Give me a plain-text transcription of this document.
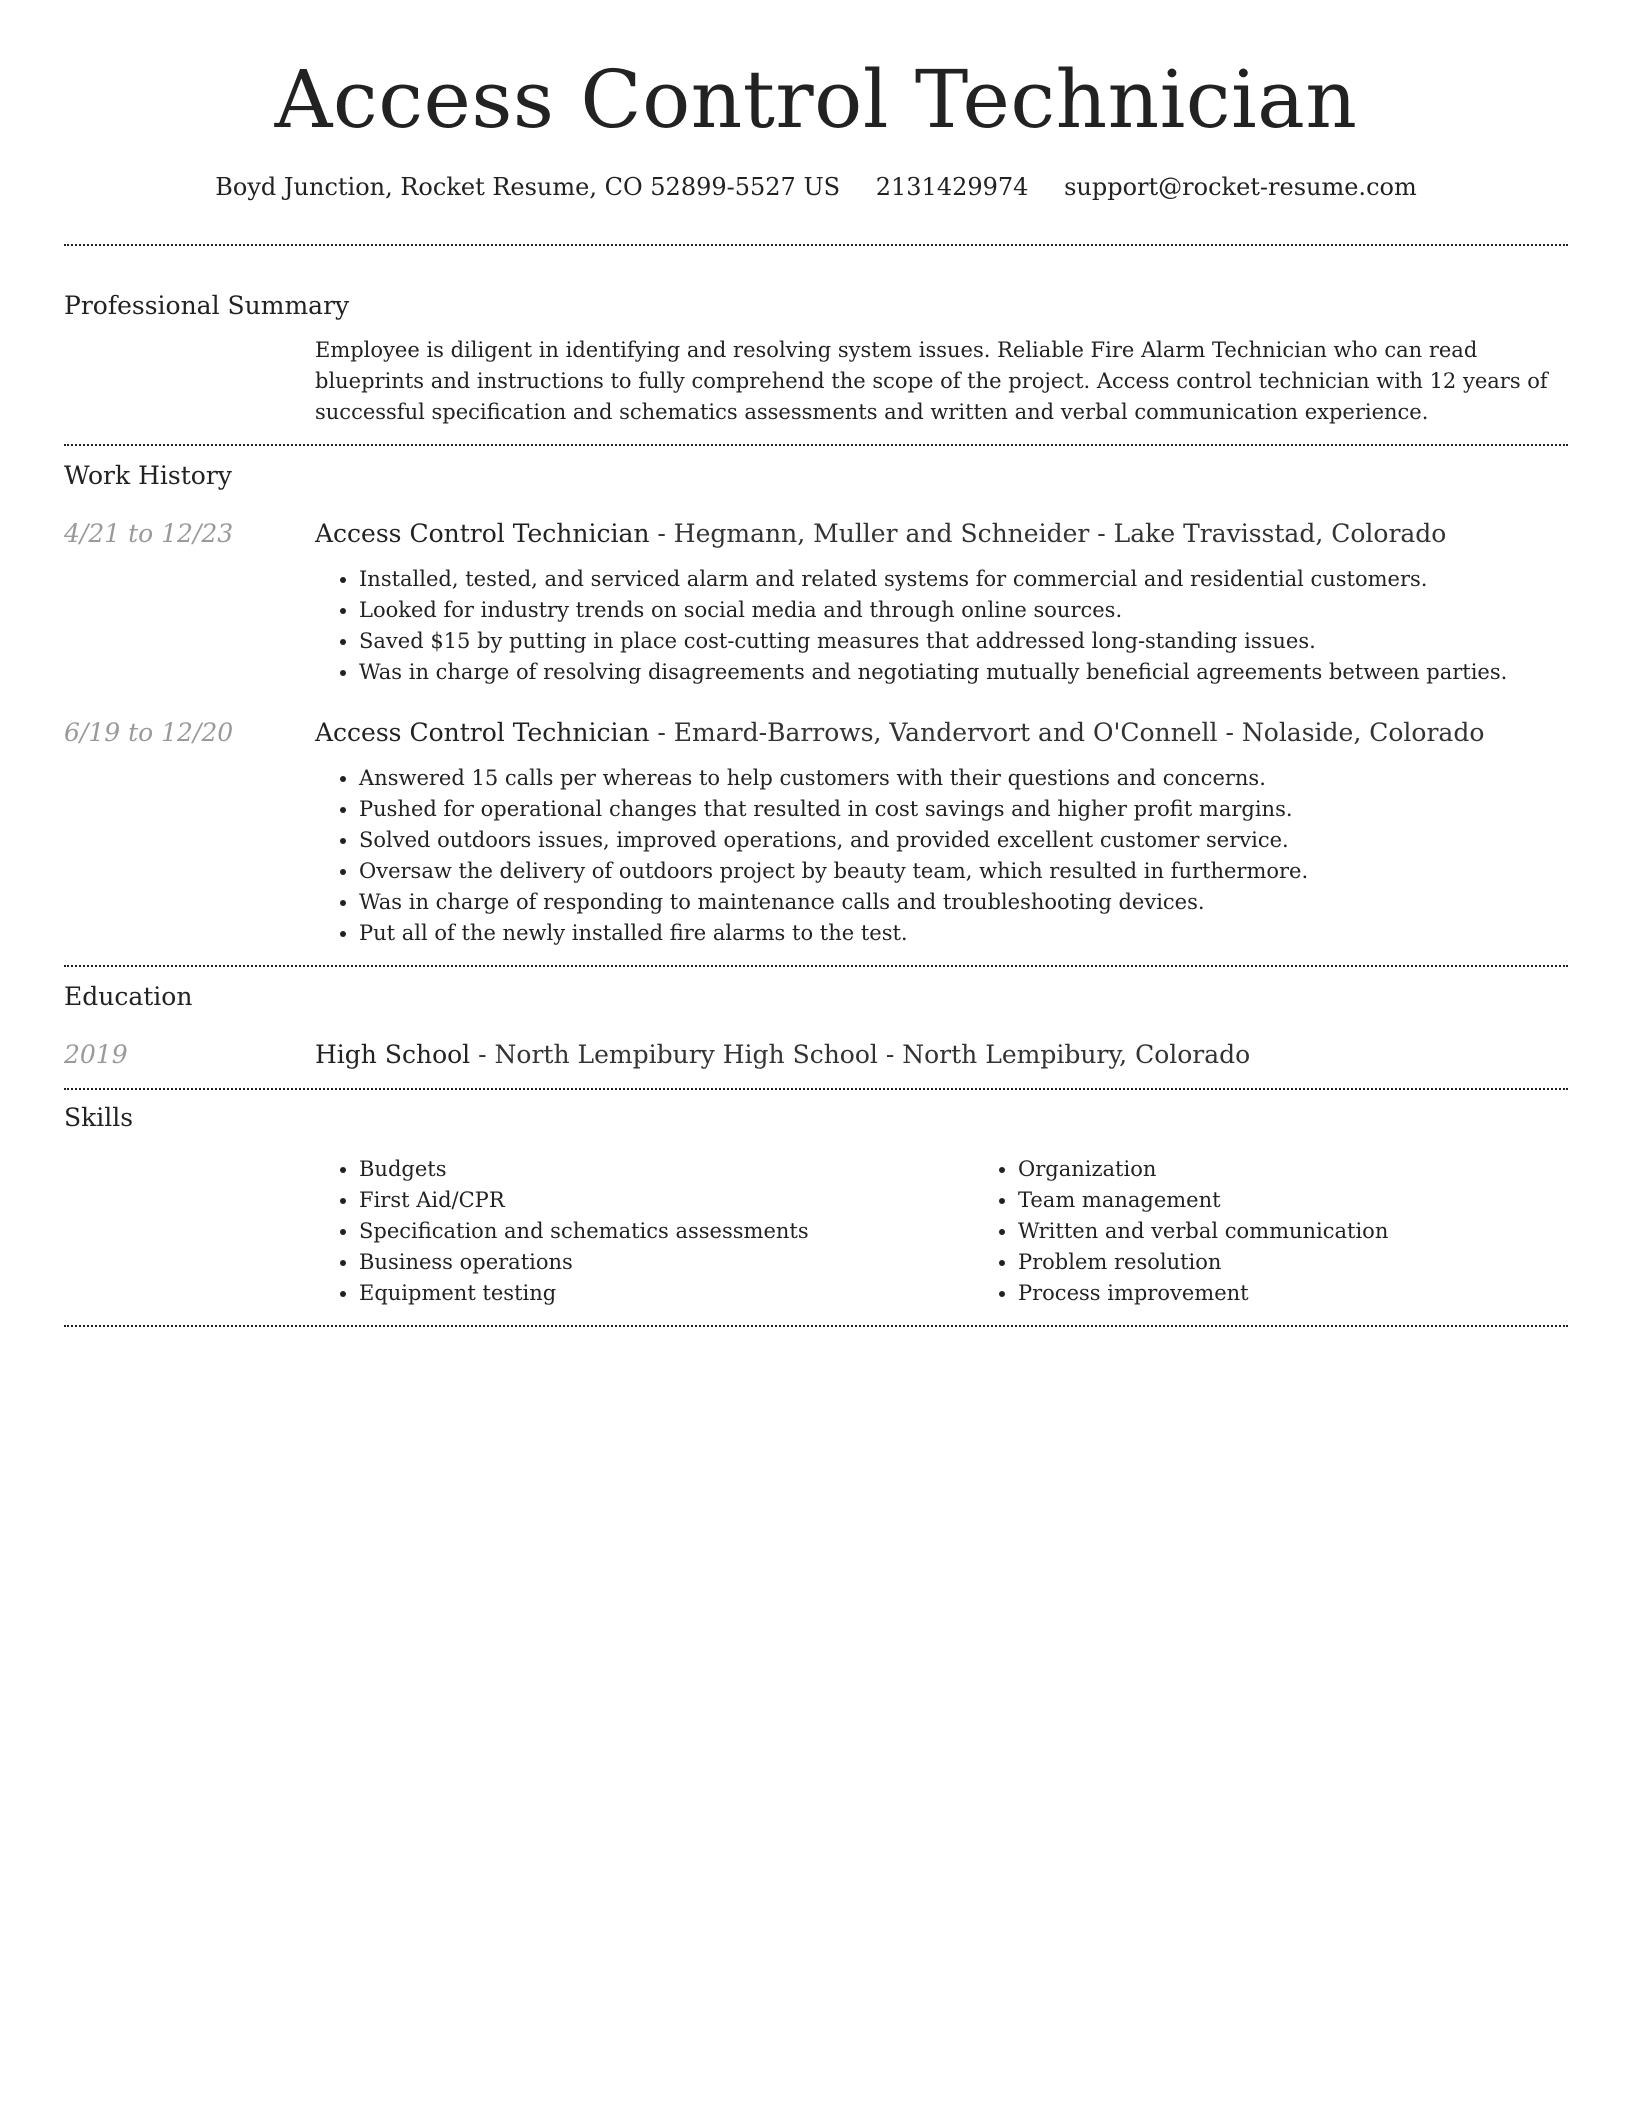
Access Control Technician
Boyd Junction, Rocket Resume, CO 52899-5527 US 2131429974 support@rocket-resume.com
Professional Summary

Employee is diligent in identifying and resolving system issues. Reliable Fire Alarm Technician who can read blueprints and instructions to fully comprehend the scope of the project. Access control technician with 12 years of successful specification and schematics assessments and written and verbal communication experience.

Work History
4/21 to 12/23	Access Control Technician - Hegmann, Muller and Schneider - Lake Travisstad, Colorado
• Installed, tested, and serviced alarm and related systems for commercial and residential customers.
• Looked for industry trends on social media and through online sources.
• Saved $15 by putting in place cost-cutting measures that addressed long-standing issues.
• Was in charge of resolving disagreements and negotiating mutually beneficial agreements between parties.
6/19 to 12/20	Access Control Technician - Emard-Barrows, Vandervort and O'Connell - Nolaside, Colorado
• Answered 15 calls per whereas to help customers with their questions and concerns.
• Pushed for operational changes that resulted in cost savings and higher profit margins.
• Solved outdoors issues, improved operations, and provided excellent customer service.
• Oversaw the delivery of outdoors project by beauty team, which resulted in furthermore.
• Was in charge of responding to maintenance calls and troubleshooting devices.
• Put all of the newly installed fire alarms to the test.
Education
2019	High School - North Lempibury High School - North Lempibury, Colorado
Skills
• Budgets
• First Aid/CPR
• Specification and schematics assessments
• Business operations
• Equipment testing
• Organization
• Team management
• Written and verbal communication
• Problem resolution
• Process improvement
